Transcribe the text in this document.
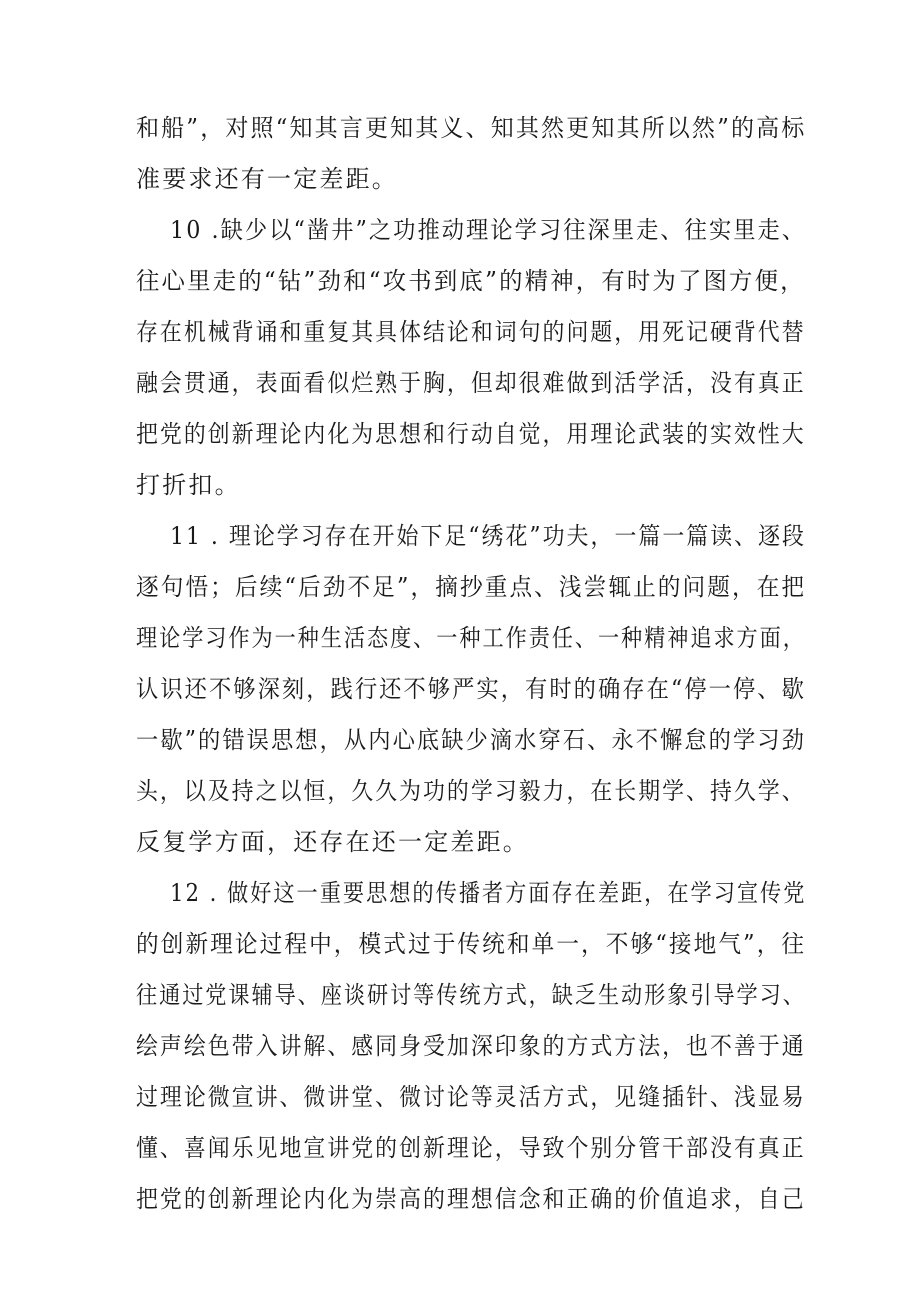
和船”，对照“知其言更知其义、知其然更知其所以然”的高标
准要求还有一定差距。
10 .缺少以“凿井”之功推动理论学习往深里走、往实里走、
往心里走的“钻”劲和“攻书到底”的精神，有时为了图方便，
存在机械背诵和重复其具体结论和词句的问题，用死记硬背代替
融会贯通，表面看似烂熟于胸，但却很难做到活学活，没有真正
把党的创新理论内化为思想和行动自觉，用理论武装的实效性大
打折扣。
11 . 理论学习存在开始下足“绣花”功夫，一篇一篇读、逐段
逐句悟；后续“后劲不足”，摘抄重点、浅尝辄止的问题，在把
理论学习作为一种生活态度、一种工作责任、一种精神追求方面，
认识还不够深刻，践行还不够严实，有时的确存在“停一停、歇
一歇”的错误思想，从内心底缺少滴水穿石、永不懈怠的学习劲
头，以及持之以恒，久久为功的学习毅力，在长期学、持久学、
反复学方面，还存在还一定差距。
12 . 做好这一重要思想的传播者方面存在差距，在学习宣传党
的创新理论过程中，模式过于传统和单一，不够“接地气”，往
往通过党课辅导、座谈研讨等传统方式，缺乏生动形象引导学习、
绘声绘色带入讲解、感同身受加深印象的方式方法，也不善于通
过理论微宣讲、微讲堂、微讨论等灵活方式，见缝插针、浅显易
懂、喜闻乐见地宣讲党的创新理论，导致个别分管干部没有真正
把党的创新理论内化为崇高的理想信念和正确的价值追求，自己
